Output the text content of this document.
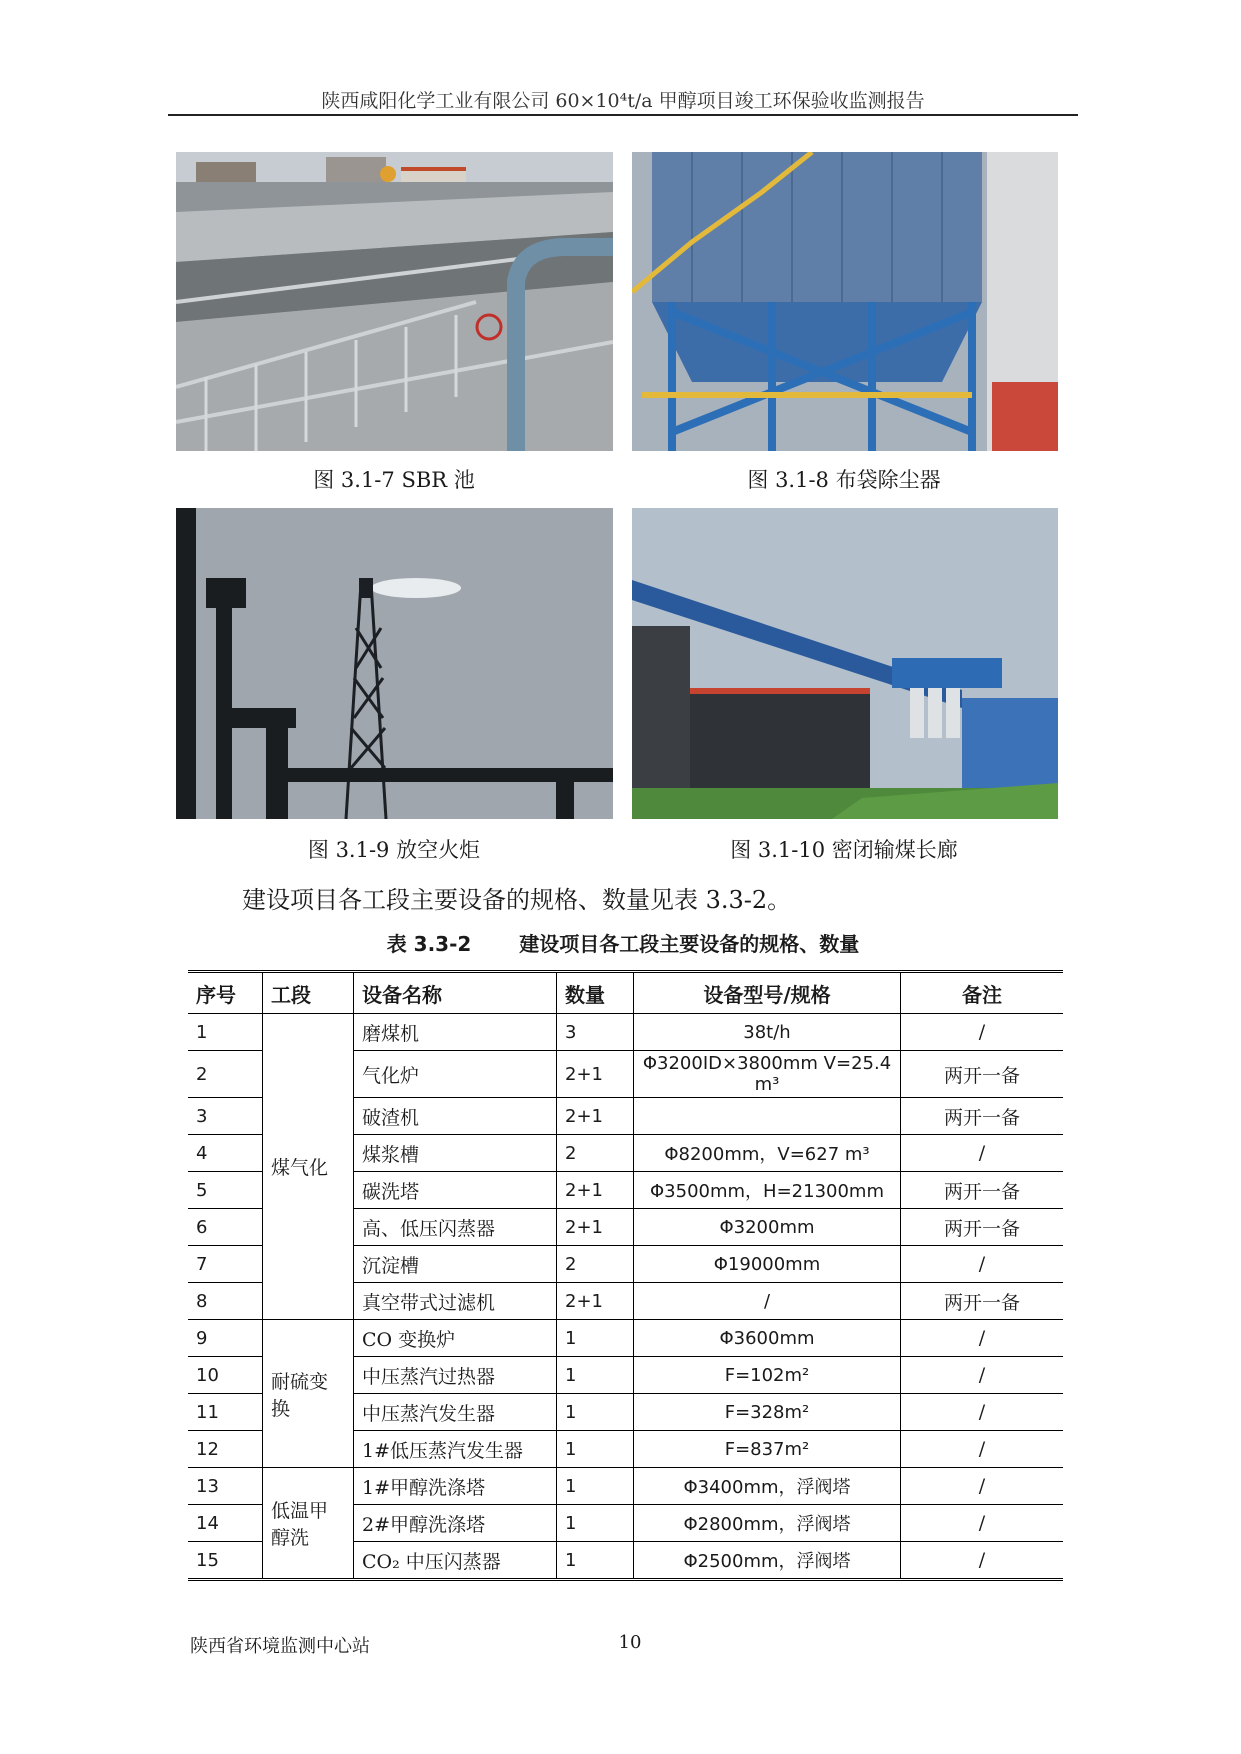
陕西咸阳化学工业有限公司 60×10⁴t/a 甲醇项目竣工环保验收监测报告
图 3.1-7 SBR 池	图 3.1-8 布袋除尘器
图 3.1-9 放空火炬	图 3.1-10 密闭输煤长廊
建设项目各工段主要设备的规格、数量见表 3.3-2。
表 3.3-2 建设项目各工段主要设备的规格、数量
序号	工段	设备名称	数量	设备型号/规格	备注
1	煤气化	磨煤机	3	38t/h	/
2		气化炉	2+1	Φ3200ID×3800mm V=25.4 m³	两开一备
3		破渣机	2+1		两开一备
4		煤浆槽	2	Φ8200mm，V=627 m³	/
5		碳洗塔	2+1	Φ3500mm，H=21300mm	两开一备
6		高、低压闪蒸器	2+1	Φ3200mm	两开一备
7		沉淀槽	2	Φ19000mm	/
8		真空带式过滤机	2+1	/	两开一备
9	耐硫变换	CO 变换炉	1	Φ3600mm	/
10		中压蒸汽过热器	1	F=102m²	/
11		中压蒸汽发生器	1	F=328m²	/
12		1#低压蒸汽发生器	1	F=837m²	/
13	低温甲醇洗	1#甲醇洗涤塔	1	Φ3400mm，浮阀塔	/
14		2#甲醇洗涤塔	1	Φ2800mm，浮阀塔	/
15		CO₂ 中压闪蒸器	1	Φ2500mm，浮阀塔	/
陕西省环境监测中心站	10
